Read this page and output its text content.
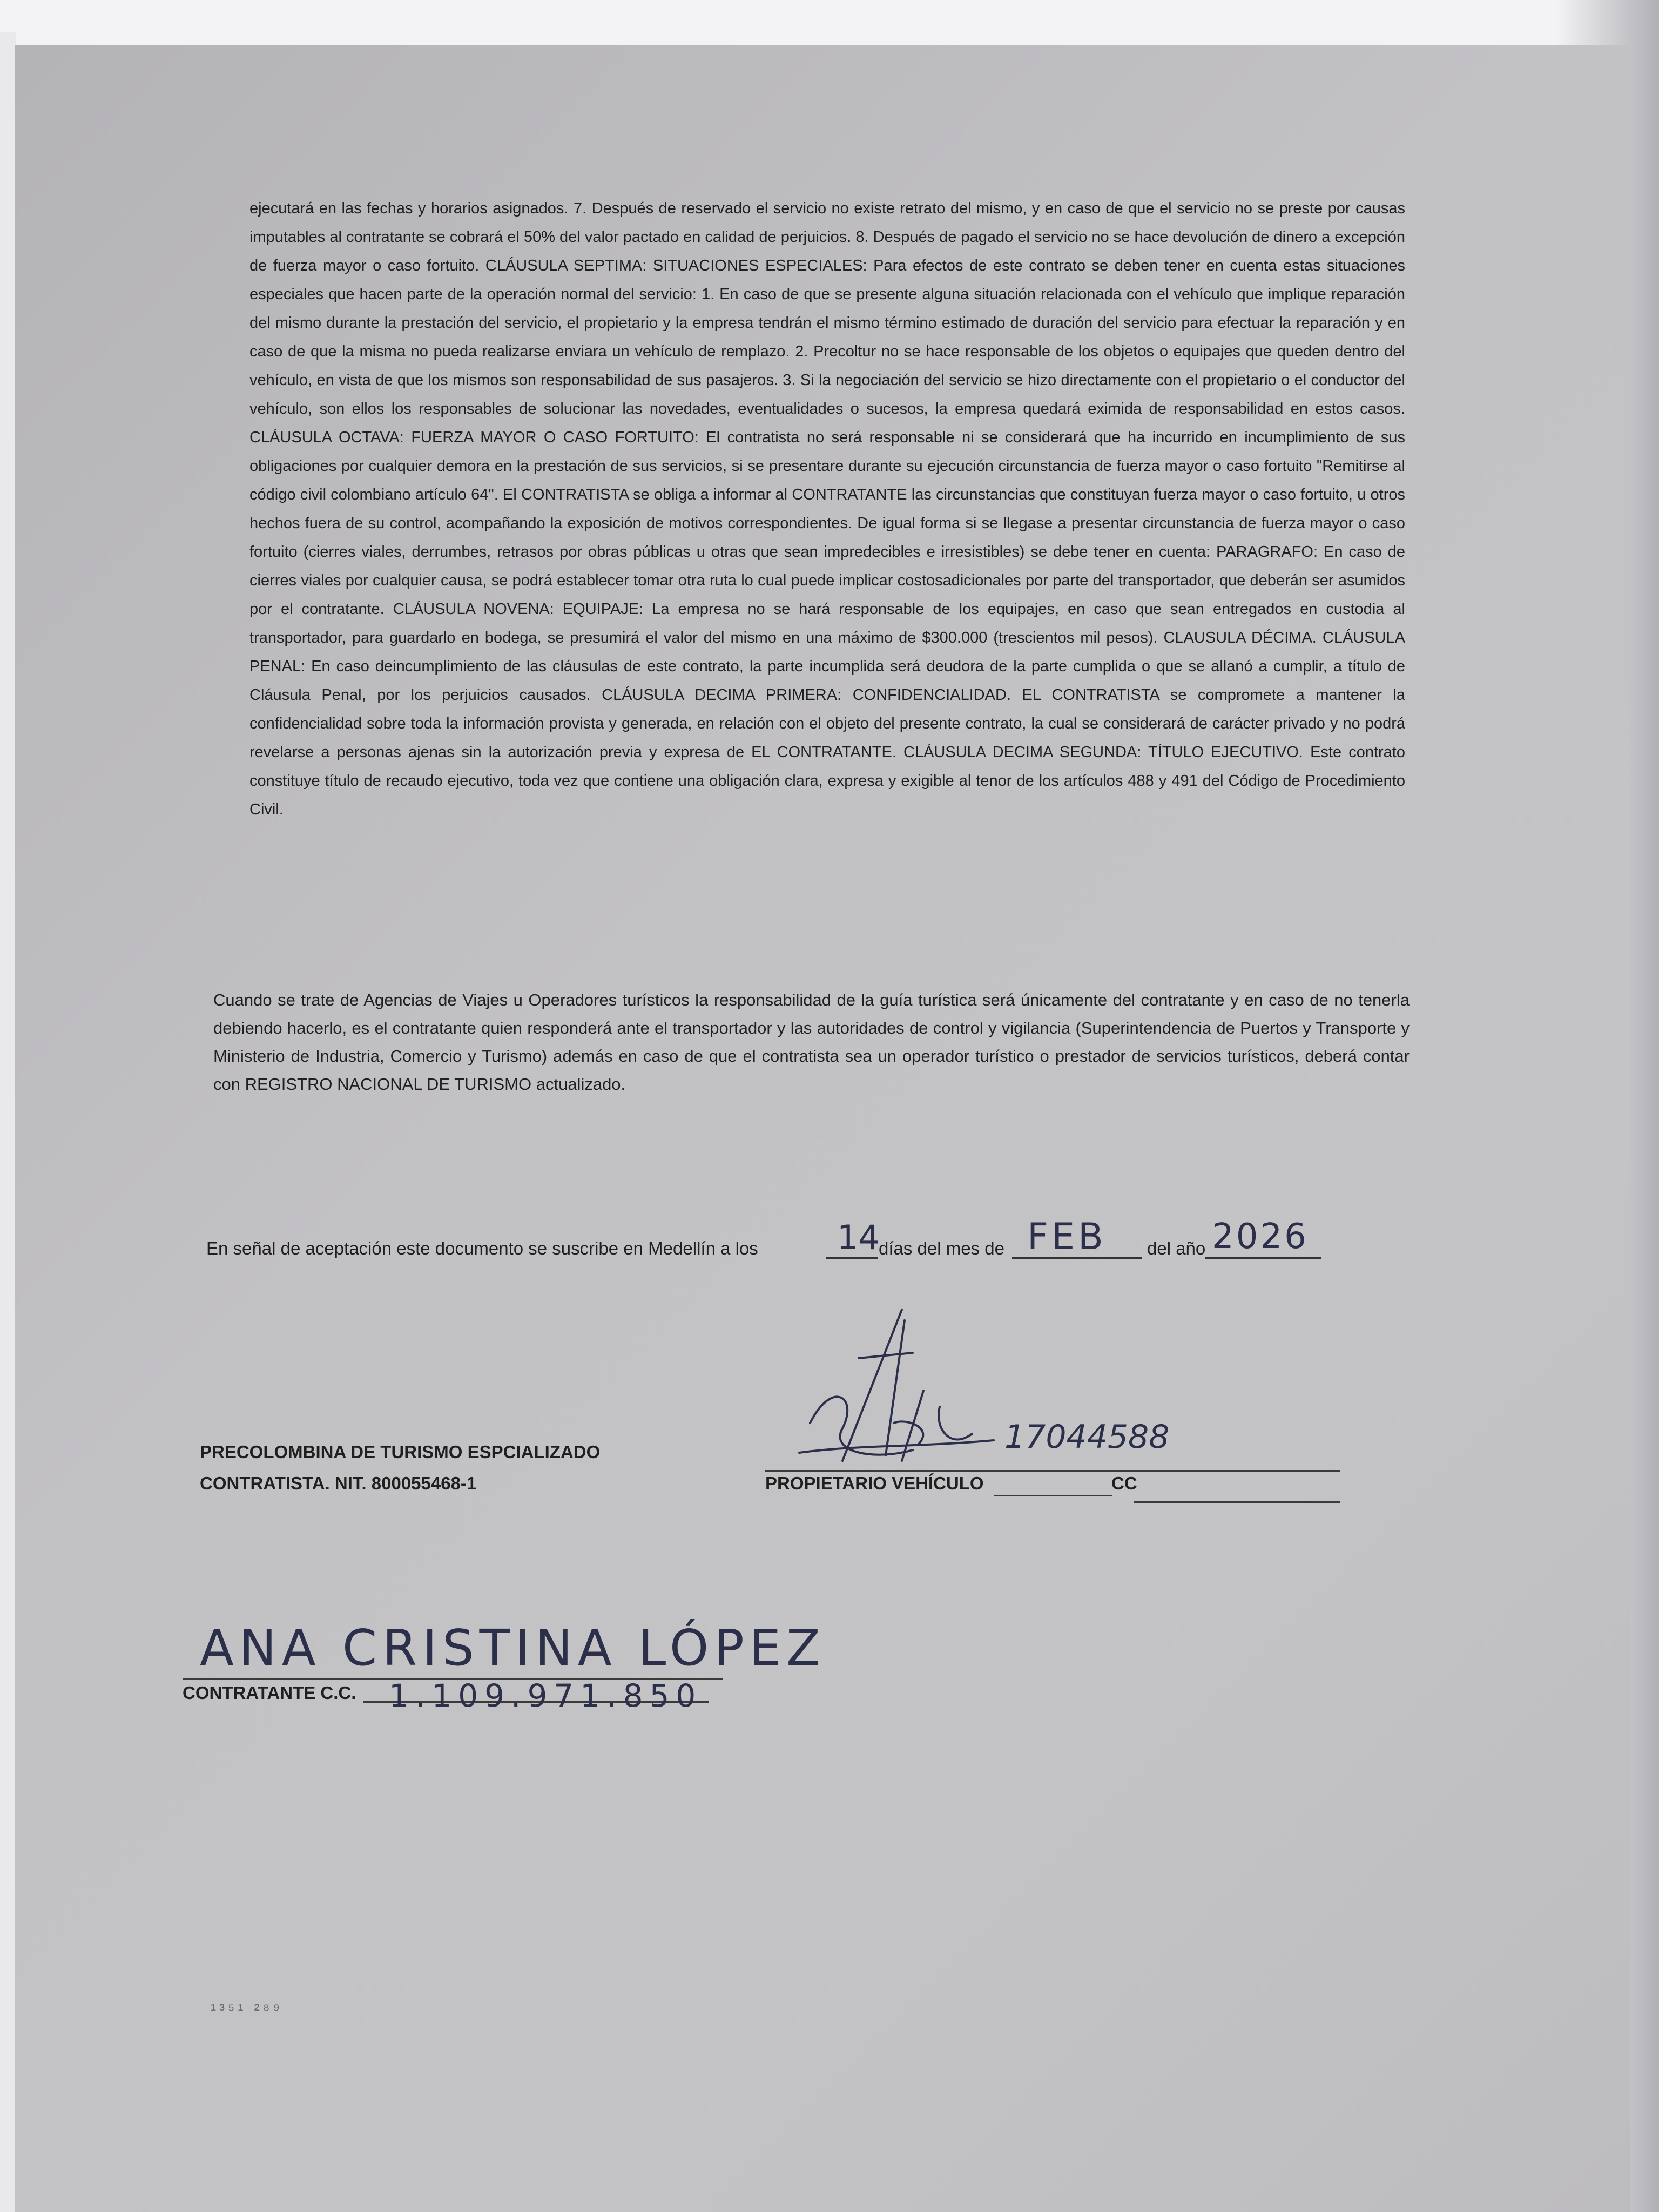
ejecutará en las fechas y horarios asignados. 7. Después de reservado el servicio no existe retrato del mismo, y en caso de que el servicio no se preste por causas imputables al contratante se cobrará el 50% del valor pactado en calidad de perjuicios. 8. Después de pagado el servicio no se hace devolución de dinero a excepción de fuerza mayor o caso fortuito. CLÁUSULA SEPTIMA: SITUACIONES ESPECIALES: Para efectos de este contrato se deben tener en cuenta estas situaciones especiales que hacen parte de la operación normal del servicio: 1. En caso de que se presente alguna situación relacionada con el vehículo que implique reparación del mismo durante la prestación del servicio, el propietario y la empresa tendrán el mismo término estimado de duración del servicio para efectuar la reparación y en caso de que la misma no pueda realizarse enviara un vehículo de remplazo. 2. Precoltur no se hace responsable de los objetos o equipajes que queden dentro del vehículo, en vista de que los mismos son responsabilidad de sus pasajeros. 3. Si la negociación del servicio se hizo directamente con el propietario o el conductor del vehículo, son ellos los responsables de solucionar las novedades, eventualidades o sucesos, la empresa quedará eximida de responsabilidad en estos casos. CLÁUSULA OCTAVA: FUERZA MAYOR O CASO FORTUITO: El contratista no será responsable ni se considerará que ha incurrido en incumplimiento de sus obligaciones por cualquier demora en la prestación de sus servicios, si se presentare durante su ejecución circunstancia de fuerza mayor o caso fortuito "Remitirse al código civil colombiano artículo 64". El CONTRATISTA se obliga a informar al CONTRATANTE las circunstancias que constituyan fuerza mayor o caso fortuito, u otros hechos fuera de su control, acompañando la exposición de motivos correspondientes. De igual forma si se llegase a presentar circunstancia de fuerza mayor o caso fortuito (cierres viales, derrumbes, retrasos por obras públicas u otras que sean impredecibles e irresistibles) se debe tener en cuenta: PARAGRAFO: En caso de cierres viales por cualquier causa, se podrá establecer tomar otra ruta lo cual puede implicar costosadicionales por parte del transportador, que deberán ser asumidos por el contratante. CLÁUSULA NOVENA: EQUIPAJE: La empresa no se hará responsable de los equipajes, en caso que sean entregados en custodia al transportador, para guardarlo en bodega, se presumirá el valor del mismo en una máximo de $300.000 (trescientos mil pesos). CLAUSULA DÉCIMA. CLÁUSULA PENAL: En caso deincumplimiento de las cláusulas de este contrato, la parte incumplida será deudora de la parte cumplida o que se allanó a cumplir, a título de Cláusula Penal, por los perjuicios causados. CLÁUSULA DECIMA PRIMERA: CONFIDENCIALIDAD. EL CONTRATISTA se compromete a mantener la confidencialidad sobre toda la información provista y generada, en relación con el objeto del presente contrato, la cual se considerará de carácter privado y no podrá revelarse a personas ajenas sin la autorización previa y expresa de EL CONTRATANTE. CLÁUSULA DECIMA SEGUNDA: TÍTULO EJECUTIVO. Este contrato constituye título de recaudo ejecutivo, toda vez que contiene una obligación clara, expresa y exigible al tenor de los artículos 488 y 491 del Código de Procedimiento Civil.

Cuando se trate de Agencias de Viajes u Operadores turísticos la responsabilidad de la guía turística será únicamente del contratante y en caso de no tenerla debiendo hacerlo, es el contratante quien responderá ante el transportador y las autoridades de control y vigilancia (Superintendencia de Puertos y Transporte y Ministerio de Industria, Comercio y Turismo) además en caso de que el contratista sea un operador turístico o prestador de servicios turísticos, deberá contar con REGISTRO NACIONAL DE TURISMO actualizado.

En señal de aceptación este documento se suscribe en Medellín a los 14
días del mes de FEB del año 2026
PRECOLOMBINA DE TURISMO ESPCIALIZADO
CONTRATISTA. NIT. 800055468-1
17044588
PROPIETARIO VEHÍCULO	CC
ANA CRISTINA LÓPEZ
CONTRATANTE C.C. 1.109.971.850
¹³⁵¹ ²⁸⁹
